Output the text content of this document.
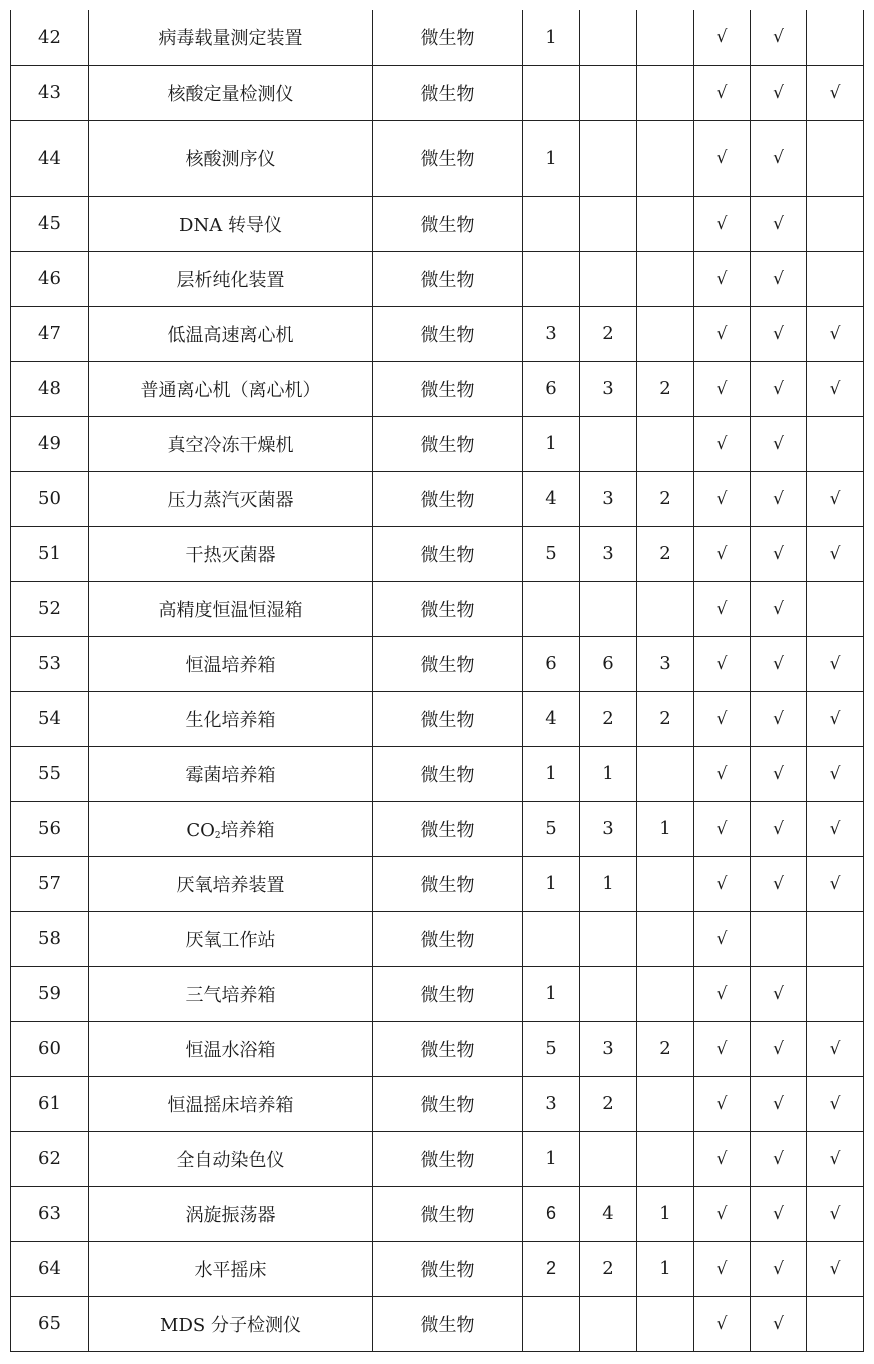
42	病毒载量测定装置	微生物	1			√	√	
43	核酸定量检测仪	微生物				√	√	√
44	核酸测序仪	微生物	1			√	√	
45	DNA 转导仪	微生物				√	√	
46	层析纯化装置	微生物				√	√	
47	低温高速离心机	微生物	3	2		√	√	√
48	普通离心机（离心机）	微生物	6	3	2	√	√	√
49	真空冷冻干燥机	微生物	1			√	√	
50	压力蒸汽灭菌器	微生物	4	3	2	√	√	√
51	干热灭菌器	微生物	5	3	2	√	√	√
52	高精度恒温恒湿箱	微生物				√	√	
53	恒温培养箱	微生物	6	6	3	√	√	√
54	生化培养箱	微生物	4	2	2	√	√	√
55	霉菌培养箱	微生物	1	1		√	√	√
56	$CO_2$培养箱	微生物	5	3	1	√	√	√
57	厌氧培养装置	微生物	1	1		√	√	√
58	厌氧工作站	微生物				√		
59	三气培养箱	微生物	1			√	√	
60	恒温水浴箱	微生物	5	3	2	√	√	√
61	恒温摇床培养箱	微生物	3	2		√	√	√
62	全自动染色仪	微生物	1			√	√	√
63	涡旋振荡器	微生物	6	4	1	√	√	√
64	水平摇床	微生物	2	2	1	√	√	√
65	MDS 分子检测仪	微生物				√	√	
